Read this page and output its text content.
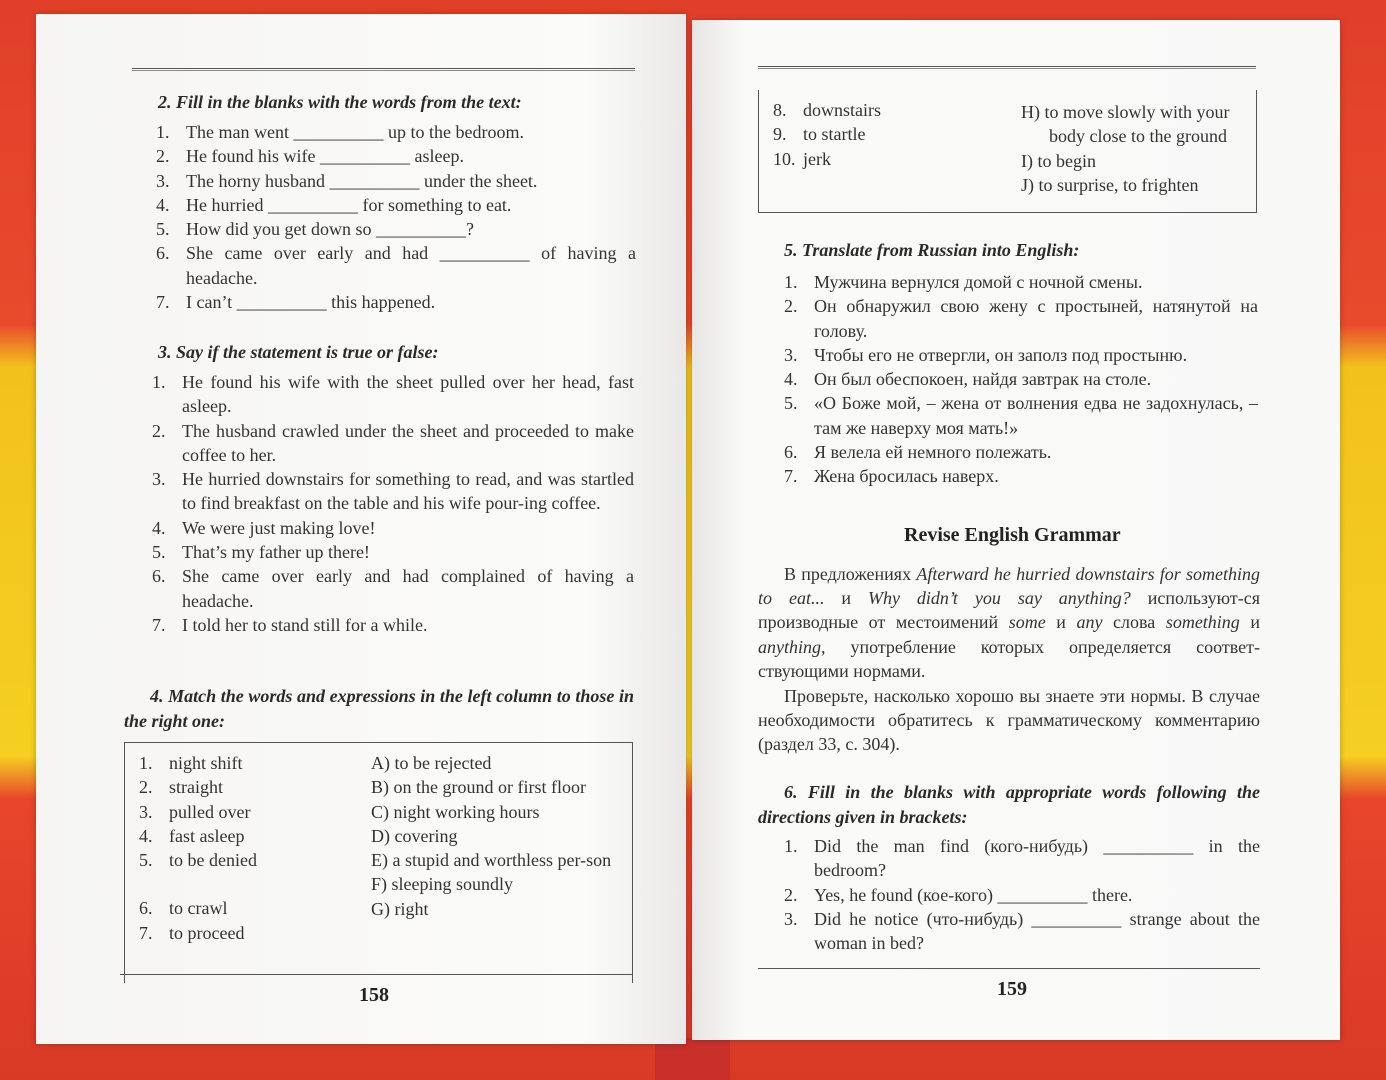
2. Fill in the blanks with the words from the text:
1. The man went __________ up to the bedroom.
2. He found his wife __________ asleep.
3. The horny husband __________ under the sheet.
4. He hurried __________ for something to eat.
5. How did you get down so __________?
6. She came over early and had __________ of having a headache.
7. I can’t __________ this happened.
3. Say if the statement is true or false:
1. He found his wife with the sheet pulled over her head, fast asleep.
2. The husband crawled under the sheet and proceeded to make coffee to her.
3. He hurried downstairs for something to read, and was startled to find breakfast on the table and his wife pour-ing coffee.
4. We were just making love!
5. That’s my father up there!
6. She came over early and had complained of having a headache.
7. I told her to stand still for a while.
4. Match the words and expressions in the left column to those in the right one:
1. night shift
2. straight
3. pulled over
4. fast asleep
5. to be denied
6. to crawl
7. to proceed
A) to be rejected
B) on the ground or first floor
C) night working hours
D) covering
E) a stupid and worthless per-son
F) sleeping soundly
G) right
158
8. downstairs
9. to startle
10. jerk
H) to move slowly with your body close to the ground
I) to begin
J) to surprise, to frighten
5. Translate from Russian into English:
1. Мужчина вернулся домой с ночной смены.
2. Он обнаружил свою жену с простыней, натянутой на голову.
3. Чтобы его не отвергли, он заполз под простыню.
4. Он был обеспокоен, найдя завтрак на столе.
5. «О Боже мой, – жена от волнения едва не задохнулась, – там же наверху моя мать!»
6. Я велела ей немного полежать.
7. Жена бросилась наверх.
Revise English Grammar
В предложениях Afterward he hurried downstairs for something to eat... и Why didn’t you say anything? используют-ся производные от местоимений some и any слова something и anything, употребление которых определяется соответ-ствующими нормами.
Проверьте, насколько хорошо вы знаете эти нормы. В случае необходимости обратитесь к грамматическому комментарию (раздел 33, с. 304).
6. Fill in the blanks with appropriate words following the directions given in brackets:
1. Did the man find (кого-нибудь) __________ in the bedroom?
2. Yes, he found (кое-кого) __________ there.
3. Did he notice (что-нибудь) __________ strange about the woman in bed?
159
